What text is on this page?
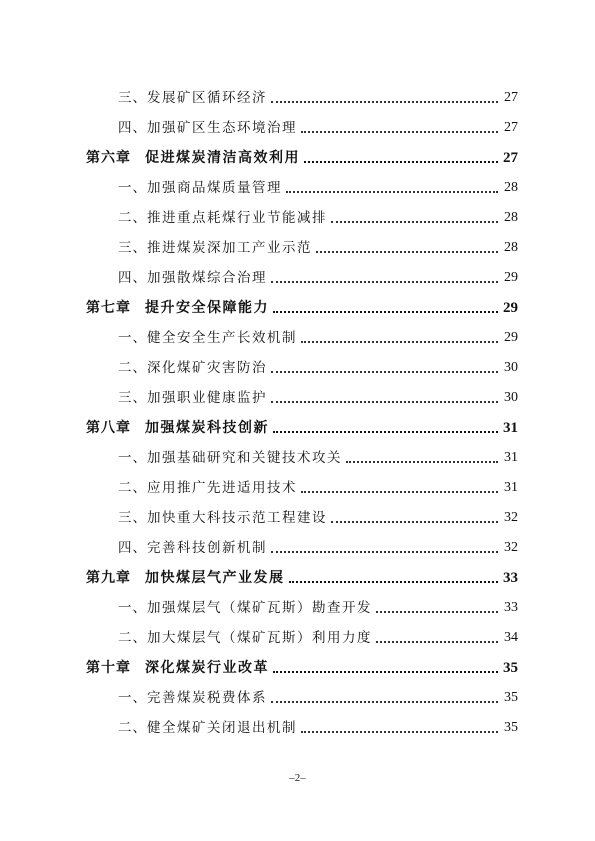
三、 发展矿区循环经济	27
四、 加强矿区生态环境治理	27
第六章 促进煤炭清洁高效利用	27
一、 加强商品煤质量管理	28
二、 推进重点耗煤行业节能减排	28
三、 推进煤炭深加工产业示范	28
四、 加强散煤综合治理	29
第七章 提升安全保障能力	29
一、 健全安全生产长效机制	29
二、 深化煤矿灾害防治	30
三、 加强职业健康监护	30
第八章 加强煤炭科技创新	31
一、 加强基础研究和关键技术攻关	31
二、 应用推广先进适用技术	31
三、 加快重大科技示范工程建设	32
四、 完善科技创新机制	32
第九章 加快煤层气产业发展	33
一、 加强煤层气（煤矿瓦斯）勘查开发	33
二、 加大煤层气（煤矿瓦斯）利用力度	34
第十章 深化煤炭行业改革	35
一、 完善煤炭税费体系	35
二、 健全煤矿关闭退出机制	35
–2–
